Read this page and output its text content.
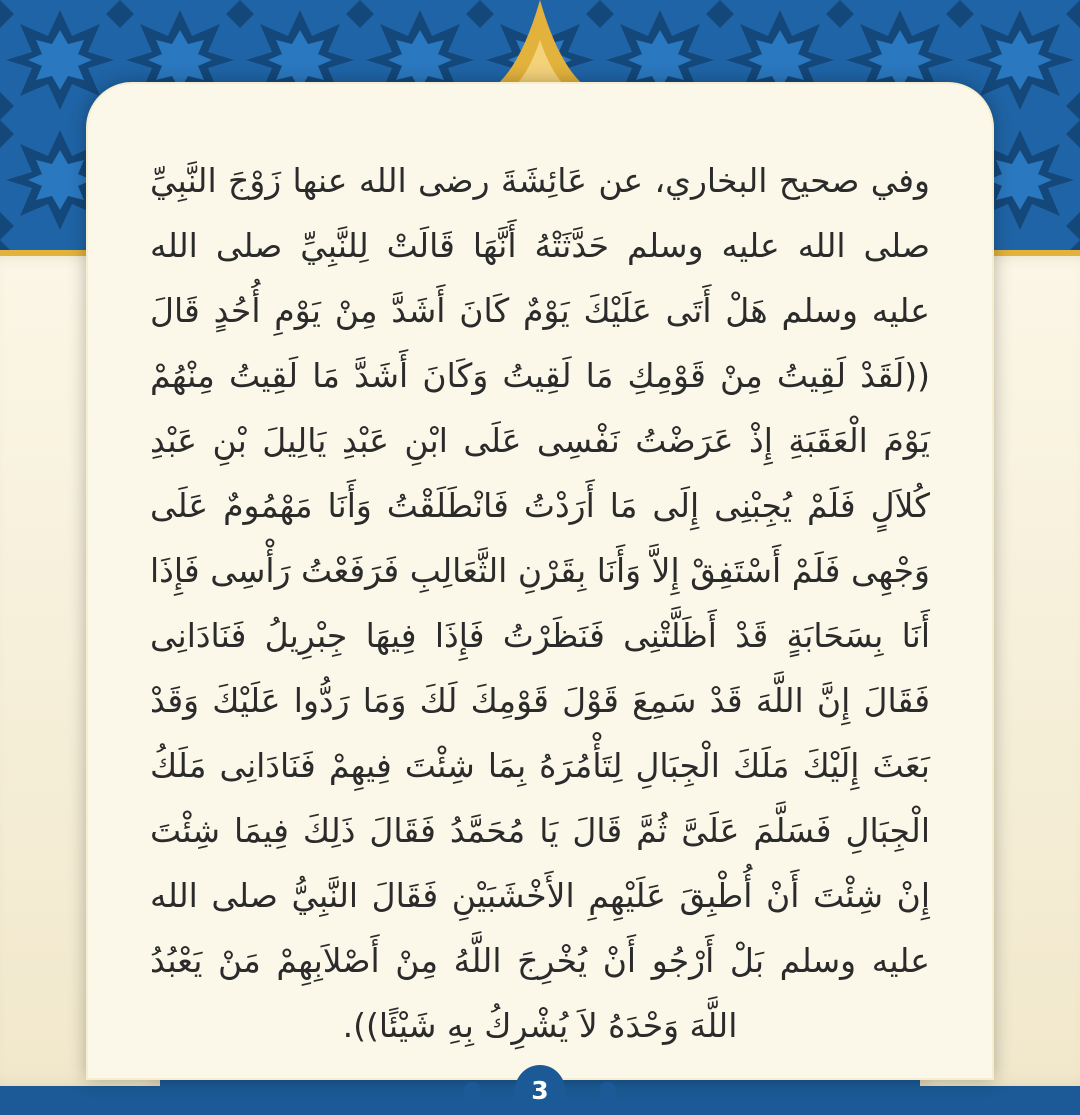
وفي صحيح البخاري، عن عَائِشَةَ رضى الله عنها زَوْجَ النَّبِيِّ صلى الله عليه وسلم حَدَّثَتْهُ أَنَّهَا قَالَتْ لِلنَّبِيِّ صلى الله عليه وسلم هَلْ أَتَى عَلَيْكَ يَوْمٌ كَانَ أَشَدَّ مِنْ يَوْمِ أُحُدٍ قَالَ ((لَقَدْ لَقِيتُ مِنْ قَوْمِكِ مَا لَقِيتُ وَكَانَ أَشَدَّ مَا لَقِيتُ مِنْهُمْ يَوْمَ الْعَقَبَةِ إِذْ عَرَضْتُ نَفْسِى عَلَى ابْنِ عَبْدِ يَالِيلَ بْنِ عَبْدِ كُلاَلٍ فَلَمْ يُجِبْنِى إِلَى مَا أَرَدْتُ فَانْطَلَقْتُ وَأَنَا مَهْمُومٌ عَلَى وَجْهِى فَلَمْ أَسْتَفِقْ إِلاَّ وَأَنَا بِقَرْنِ الثَّعَالِبِ فَرَفَعْتُ رَأْسِى فَإِذَا أَنَا بِسَحَابَةٍ قَدْ أَظَلَّتْنِى فَنَظَرْتُ فَإِذَا فِيهَا جِبْرِيلُ فَنَادَانِى فَقَالَ إِنَّ اللَّهَ قَدْ سَمِعَ قَوْلَ قَوْمِكَ لَكَ وَمَا رَدُّوا عَلَيْكَ وَقَدْ بَعَثَ إِلَيْكَ مَلَكَ الْجِبَالِ لِتَأْمُرَهُ بِمَا شِئْتَ فِيهِمْ فَنَادَانِى مَلَكُ الْجِبَالِ فَسَلَّمَ عَلَىَّ ثُمَّ قَالَ يَا مُحَمَّدُ فَقَالَ ذَلِكَ فِيمَا شِئْتَ إِنْ شِئْتَ أَنْ أُطْبِقَ عَلَيْهِمِ الأَخْشَبَيْنِ فَقَالَ النَّبِيُّ صلى الله عليه وسلم بَلْ أَرْجُو أَنْ يُخْرِجَ اللَّهُ مِنْ أَصْلاَبِهِمْ مَنْ يَعْبُدُ اللَّهَ وَحْدَهُ لاَ يُشْرِكُ بِهِ شَيْئًا)).

3
